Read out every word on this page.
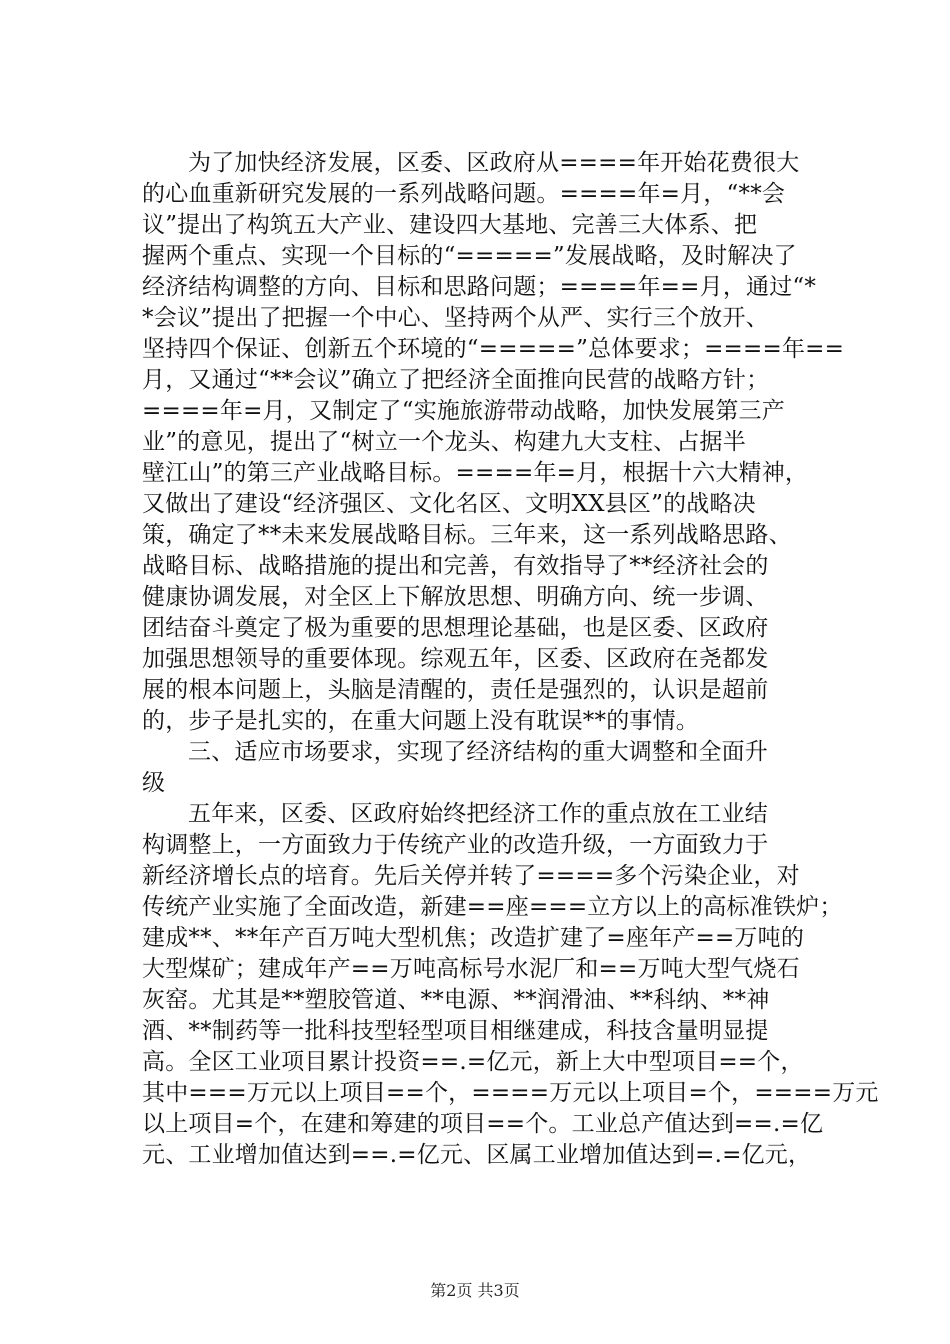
为了加快经济发展，区委、区政府从====年开始花费很大
的心血重新研究发展的一系列战略问题。====年=月，“**会
议”提出了构筑五大产业、建设四大基地、完善三大体系、把
握两个重点、实现一个目标的“=====”发展战略，及时解决了
经济结构调整的方向、目标和思路问题；====年==月，通过“*
*会议”提出了把握一个中心、坚持两个从严、实行三个放开、
坚持四个保证、创新五个环境的“=====”总体要求；====年==
月，又通过“**会议”确立了把经济全面推向民营的战略方针；
====年=月，又制定了“实施旅游带动战略，加快发展第三产
业”的意见，提出了“树立一个龙头、构建九大支柱、占据半
壁江山”的第三产业战略目标。====年=月，根据十六大精神，
又做出了建设“经济强区、文化名区、文明XX县区”的战略决
策，确定了**未来发展战略目标。三年来，这一系列战略思路、
战略目标、战略措施的提出和完善，有效指导了**经济社会的
健康协调发展，对全区上下解放思想、明确方向、统一步调、
团结奋斗奠定了极为重要的思想理论基础，也是区委、区政府
加强思想领导的重要体现。综观五年，区委、区政府在尧都发
展的根本问题上，头脑是清醒的，责任是强烈的，认识是超前
的，步子是扎实的，在重大问题上没有耽误**的事情。
三、适应市场要求，实现了经济结构的重大调整和全面升
级
五年来，区委、区政府始终把经济工作的重点放在工业结
构调整上，一方面致力于传统产业的改造升级，一方面致力于
新经济增长点的培育。先后关停并转了====多个污染企业，对
传统产业实施了全面改造，新建==座===立方以上的高标准铁炉；
建成**、**年产百万吨大型机焦；改造扩建了=座年产==万吨的
大型煤矿；建成年产==万吨高标号水泥厂和==万吨大型气烧石
灰窑。尤其是**塑胶管道、**电源、**润滑油、**科纳、**神
酒、**制药等一批科技型轻型项目相继建成，科技含量明显提
高。全区工业项目累计投资==.=亿元，新上大中型项目==个，
其中===万元以上项目==个，====万元以上项目=个，====万元
以上项目=个，在建和筹建的项目==个。工业总产值达到==.=亿
元、工业增加值达到==.=亿元、区属工业增加值达到=.=亿元，
第2页 共3页
